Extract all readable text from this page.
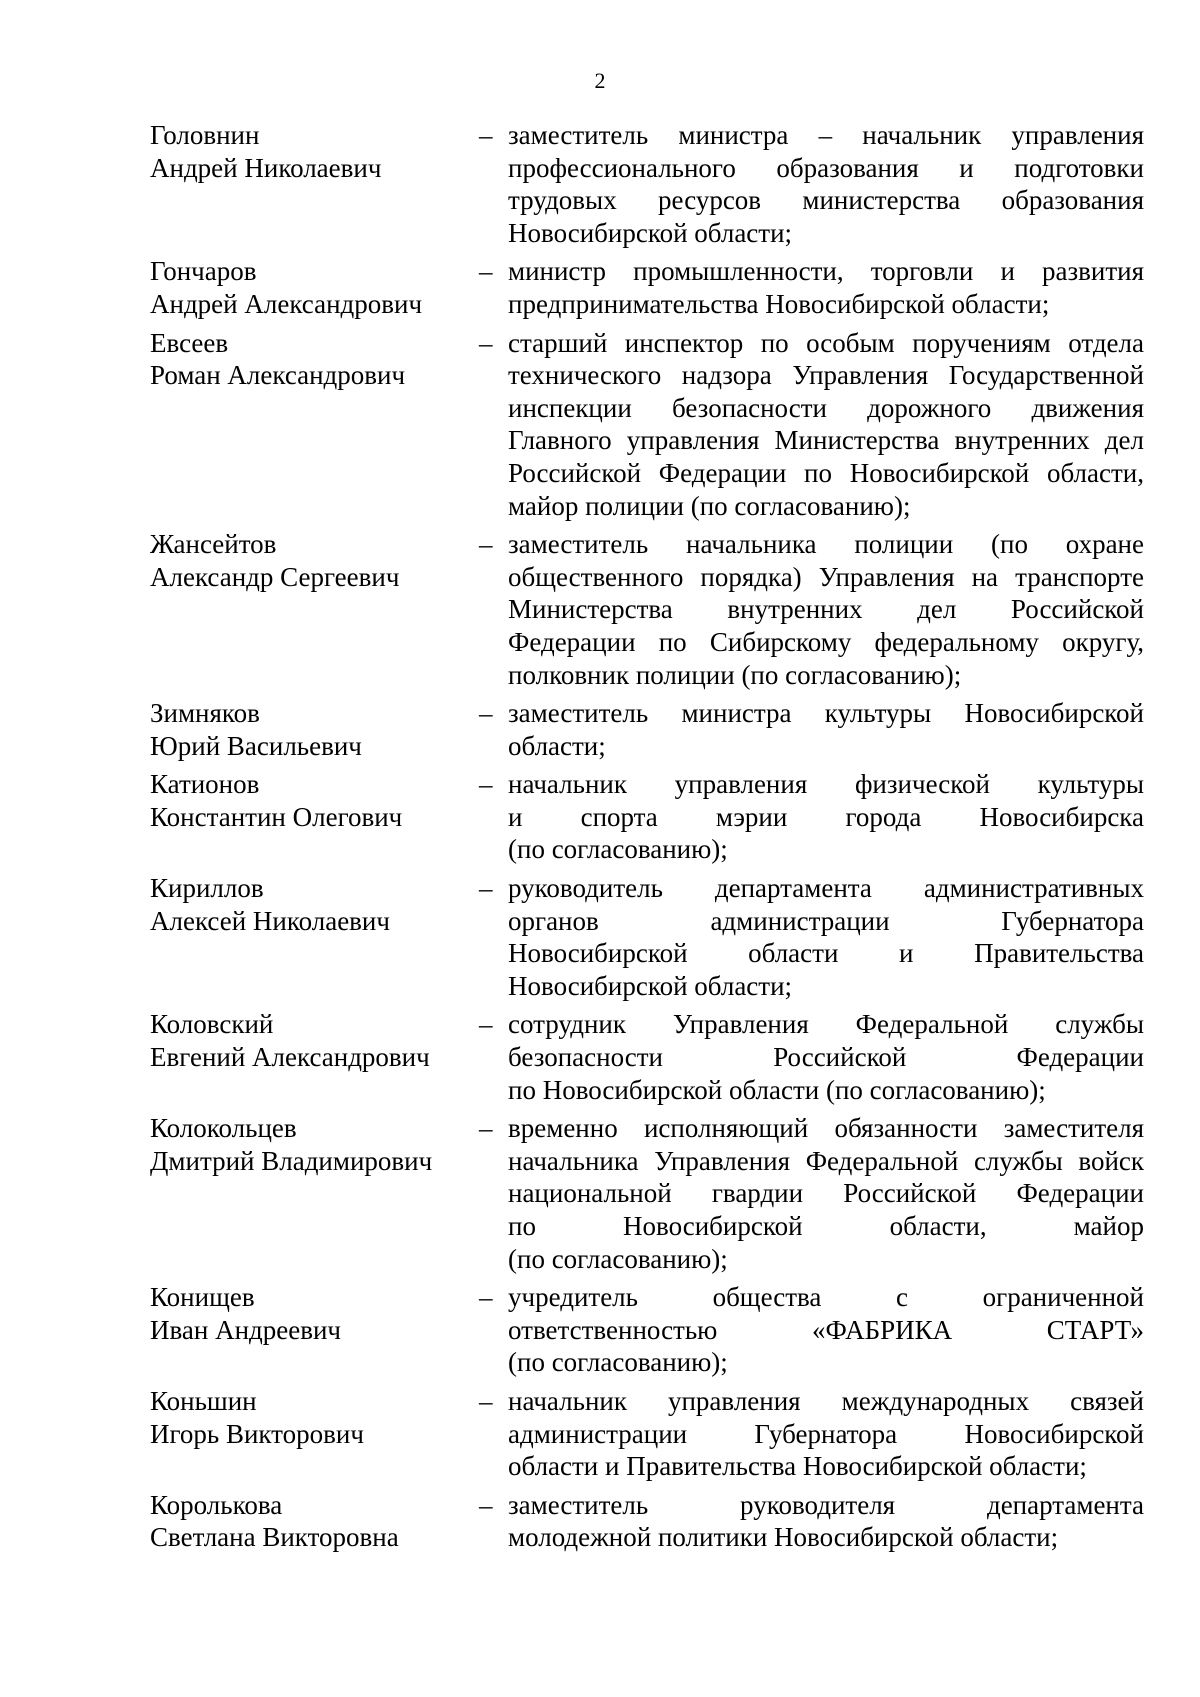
2
Головнин
Андрей Николаевич
– заместитель министра – начальник управления
профессионального образования и подготовки
трудовых ресурсов министерства образования
Новосибирской области;
Гончаров
Андрей Александрович
– министр промышленности, торговли и развития
предпринимательства Новосибирской области;
Евсеев
Роман Александрович
– старший инспектор по особым поручениям отдела
технического надзора Управления Государственной
инспекции безопасности дорожного движения
Главного управления Министерства внутренних дел
Российской Федерации по Новосибирской области,
майор полиции (по согласованию);
Жансейтов
Александр Сергеевич
– заместитель начальника полиции (по охране
общественного порядка) Управления на транспорте
Министерства внутренних дел Российской
Федерации по Сибирскому федеральному округу,
полковник полиции (по согласованию);
Зимняков
Юрий Васильевич
– заместитель министра культуры Новосибирской
области;
Катионов
Константин Олегович
– начальник управления физической культуры
и спорта мэрии города Новосибирска
(по согласованию);
Кириллов
Алексей Николаевич
– руководитель департамента административных
органов администрации Губернатора
Новосибирской области и Правительства
Новосибирской области;
Коловский
Евгений Александрович
– сотрудник Управления Федеральной службы
безопасности Российской Федерации
по Новосибирской области (по согласованию);
Колокольцев
Дмитрий Владимирович
– временно исполняющий обязанности заместителя
начальника Управления Федеральной службы войск
национальной гвардии Российской Федерации
по Новосибирской области, майор
(по согласованию);
Конищев
Иван Андреевич
– учредитель общества с ограниченной
ответственностью «ФАБРИКА СТАРТ»
(по согласованию);
Коньшин
Игорь Викторович
– начальник управления международных связей
администрации Губернатора Новосибирской
области и Правительства Новосибирской области;
Королькова
Светлана Викторовна
– заместитель руководителя департамента
молодежной политики Новосибирской области;
